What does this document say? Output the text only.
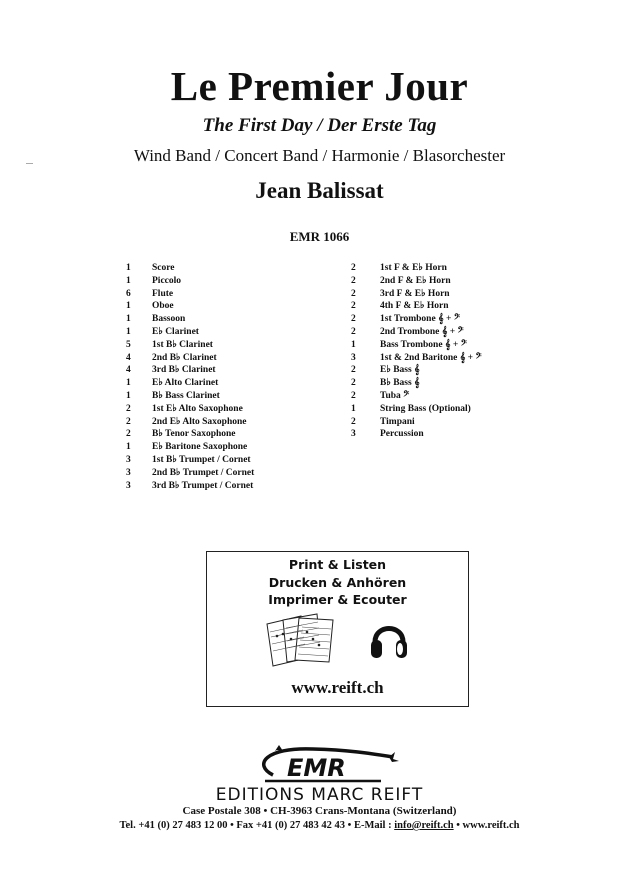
Le Premier Jour
The First Day / Der Erste Tag
Wind Band / Concert Band / Harmonie / Blasorchester
Jean Balissat
EMR 1066
1	Score
1	Piccolo
6	Flute
1	Oboe
1	Bassoon
1	E♭ Clarinet
5	1st B♭ Clarinet
4	2nd B♭ Clarinet
4	3rd B♭ Clarinet
1	E♭ Alto Clarinet
1	B♭ Bass Clarinet
2	1st E♭ Alto Saxophone
2	2nd E♭ Alto Saxophone
2	B♭ Tenor Saxophone
1	E♭ Baritone Saxophone
3	1st B♭ Trumpet / Cornet
3	2nd B♭ Trumpet / Cornet
3	3rd B♭ Trumpet / Cornet
2	1st F & E♭ Horn
2	2nd F & E♭ Horn
2	3rd F & E♭ Horn
2	4th F & E♭ Horn
2	1st Trombone 𝄞 + 𝄢
2	2nd Trombone 𝄞 + 𝄢
1	Bass Trombone 𝄞 + 𝄢
3	1st & 2nd Baritone 𝄞 + 𝄢
2	E♭ Bass 𝄞
2	B♭ Bass 𝄞
2	Tuba 𝄢
1	String Bass (Optional)
2	Timpani
3	Percussion
Print & Listen
Drucken & Anhören
Imprimer & Ecouter
www.reift.ch
EMR
EDITIONS MARC REIFT
Case Postale 308 • CH-3963 Crans-Montana (Switzerland)
Tel. +41 (0) 27 483 12 00 • Fax +41 (0) 27 483 42 43 • E-Mail : info@reift.ch • www.reift.ch
